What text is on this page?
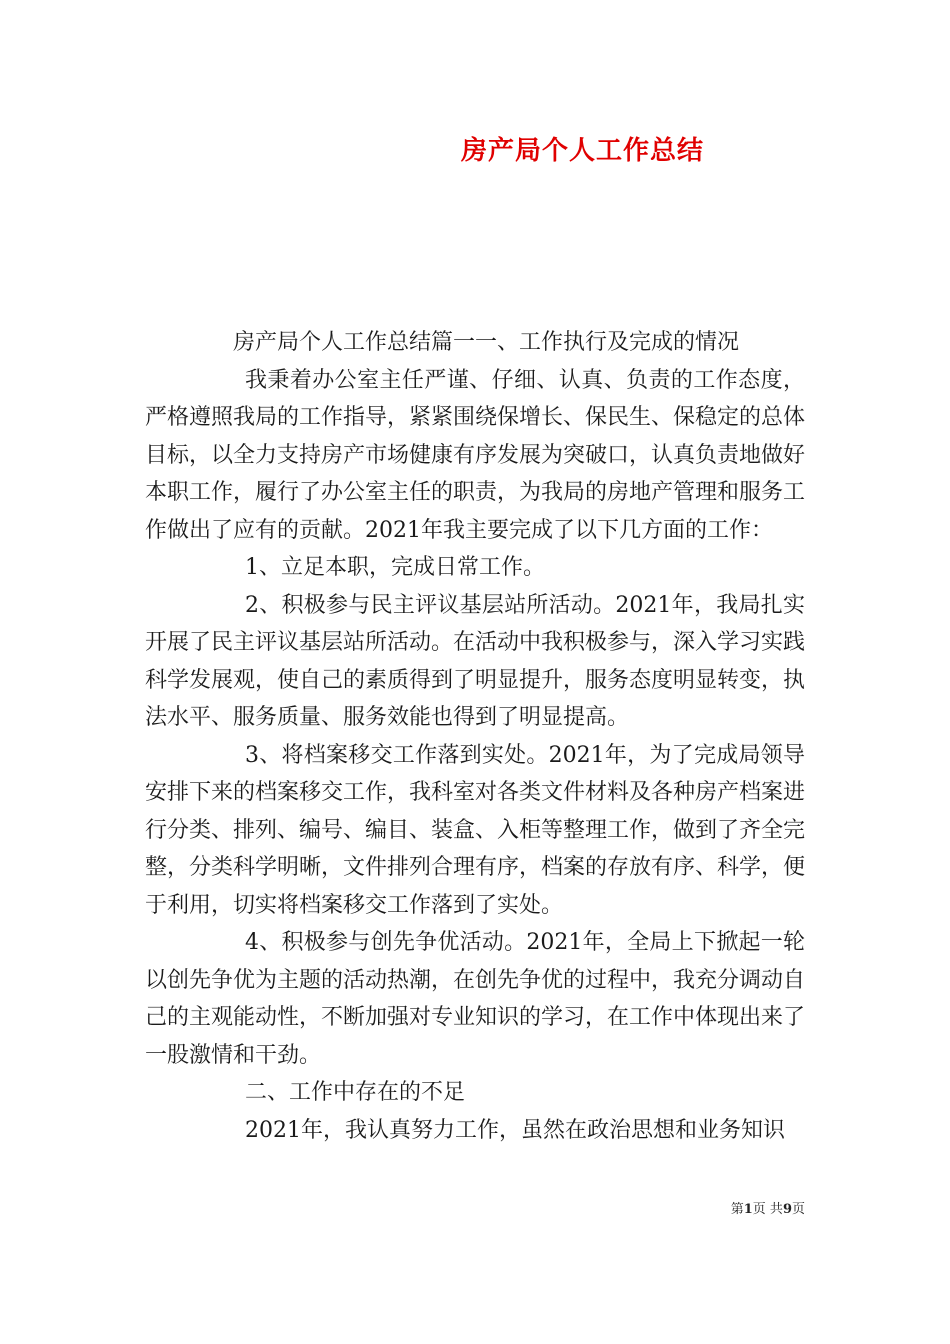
房产局个人工作总结

房产局个人工作总结篇一一、工作执行及完成的情况

我秉着办公室主任严谨、仔细、认真、负责的工作态度，严格遵照我局的工作指导，紧紧围绕保增长、保民生、保稳定的总体目标，以全力支持房产市场健康有序发展为突破口，认真负责地做好本职工作，履行了办公室主任的职责，为我局的房地产管理和服务工作做出了应有的贡献。2021年我主要完成了以下几方面的工作：

1、立足本职，完成日常工作。

2、积极参与民主评议基层站所活动。2021年，我局扎实开展了民主评议基层站所活动。在活动中我积极参与，深入学习实践科学发展观，使自己的素质得到了明显提升，服务态度明显转变，执法水平、服务质量、服务效能也得到了明显提高。

3、将档案移交工作落到实处。2021年，为了完成局领导安排下来的档案移交工作，我科室对各类文件材料及各种房产档案进行分类、排列、编号、编目、装盒、入柜等整理工作，做到了齐全完整，分类科学明晰，文件排列合理有序，档案的存放有序、科学，便于利用，切实将档案移交工作落到了实处。

4、积极参与创先争优活动。2021年，全局上下掀起一轮以创先争优为主题的活动热潮，在创先争优的过程中，我充分调动自己的主观能动性，不断加强对专业知识的学习，在工作中体现出来了一股激情和干劲。

二、工作中存在的不足

2021年，我认真努力工作，虽然在政治思想和业务知识

第1页 共9页
